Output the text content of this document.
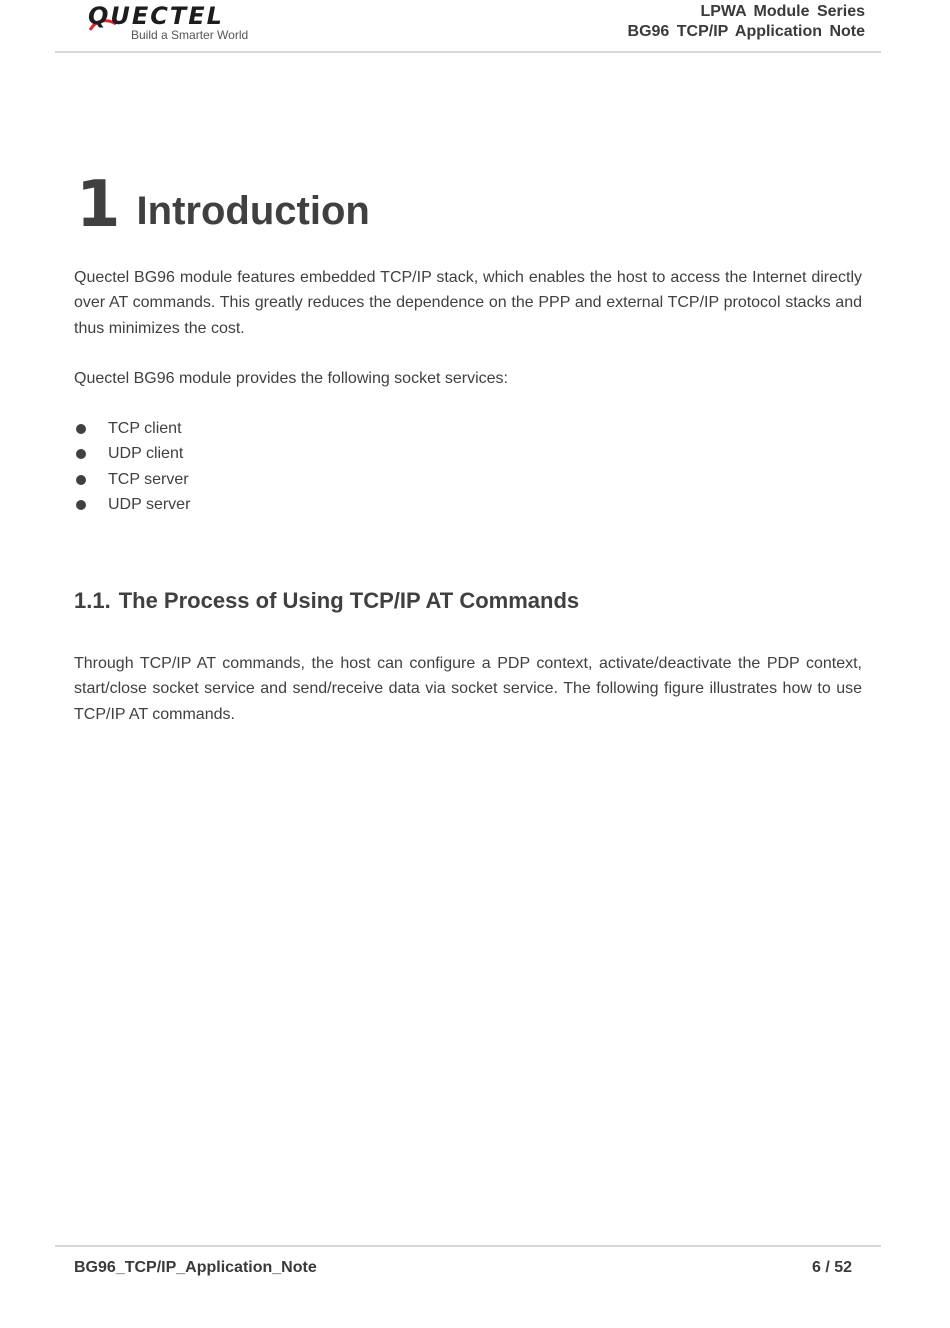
QUECTEL
Build a Smarter World
LPWA Module Series
BG96 TCP/IP Application Note
1 Introduction
Quectel BG96 module features embedded TCP/IP stack, which enables the host to access the Internet directly over AT commands. This greatly reduces the dependence on the PPP and external TCP/IP protocol stacks and thus minimizes the cost.
Quectel BG96 module provides the following socket services:
TCP client
UDP client
TCP server
UDP server
1.1. The Process of Using TCP/IP AT Commands
Through TCP/IP AT commands, the host can configure a PDP context, activate/deactivate the PDP context, start/close socket service and send/receive data via socket service. The following figure illustrates how to use TCP/IP AT commands.
BG96_TCP/IP_Application_Note	6 / 52
